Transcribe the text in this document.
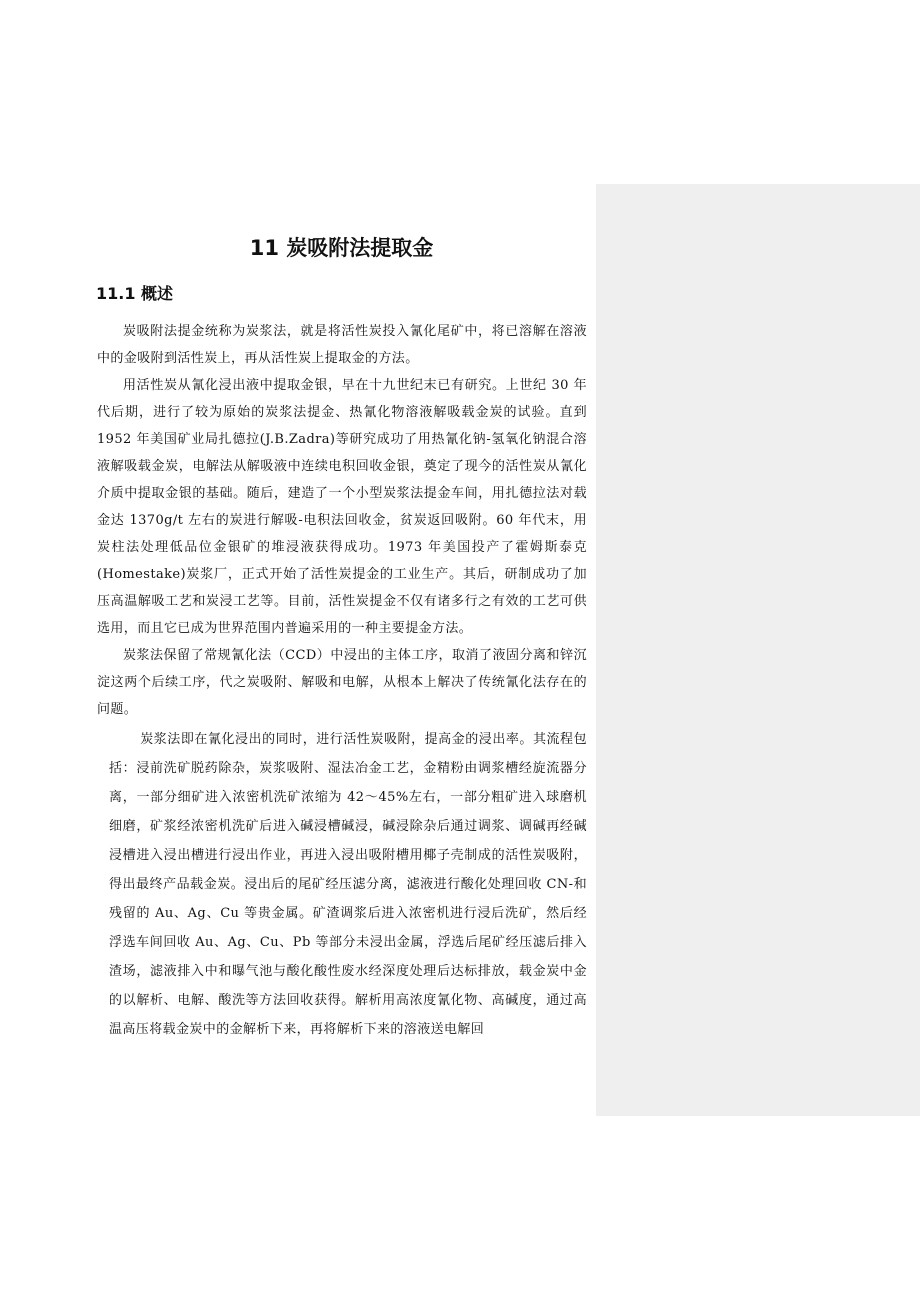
11 炭吸附法提取金
11.1 概述

炭吸附法提金统称为炭浆法，就是将活性炭投入氰化尾矿中，将已溶解在溶液中的金吸附到活性炭上，再从活性炭上提取金的方法。

用活性炭从氰化浸出液中提取金银，早在十九世纪末已有研究。上世纪 30 年代后期，进行了较为原始的炭浆法提金、热氰化物溶液解吸载金炭的试验。直到 1952 年美国矿业局扎德拉(J.B.Zadra)等研究成功了用热氰化钠-氢氧化钠混合溶液解吸载金炭，电解法从解吸液中连续电积回收金银，奠定了现今的活性炭从氰化介质中提取金银的基础。随后，建造了一个小型炭浆法提金车间，用扎德拉法对载金达 1370g/t 左右的炭进行解吸-电积法回收金，贫炭返回吸附。60 年代末，用炭柱法处理低品位金银矿的堆浸液获得成功。1973 年美国投产了霍姆斯泰克(Homestake)炭浆厂，正式开始了活性炭提金的工业生产。其后，研制成功了加压高温解吸工艺和炭浸工艺等。目前，活性炭提金不仅有诸多行之有效的工艺可供选用，而且它已成为世界范围内普遍采用的一种主要提金方法。

炭浆法保留了常规氰化法（CCD）中浸出的主体工序，取消了液固分离和锌沉淀这两个后续工序，代之炭吸附、解吸和电解，从根本上解决了传统氰化法存在的问题。

炭浆法即在氰化浸出的同时，进行活性炭吸附，提高金的浸出率。其流程包括：浸前洗矿脱药除杂，炭浆吸附、湿法冶金工艺，金精粉由调浆槽经旋流器分离，一部分细矿进入浓密机洗矿浓缩为 42～45%左右，一部分粗矿进入球磨机细磨，矿浆经浓密机洗矿后进入碱浸槽碱浸，碱浸除杂后通过调浆、调碱再经碱浸槽进入浸出槽进行浸出作业，再进入浸出吸附槽用椰子壳制成的活性炭吸附，得出最终产品载金炭。浸出后的尾矿经压滤分离，滤液进行酸化处理回收 CN-和残留的 Au、Ag、Cu 等贵金属。矿渣调浆后进入浓密机进行浸后洗矿，然后经浮选车间回收 Au、Ag、Cu、Pb 等部分未浸出金属，浮选后尾矿经压滤后排入渣场，滤液排入中和曝气池与酸化酸性废水经深度处理后达标排放，载金炭中金的以解析、电解、酸洗等方法回收获得。解析用高浓度氰化物、高碱度，通过高温高压将载金炭中的金解析下来，再将解析下来的溶液送电解回
